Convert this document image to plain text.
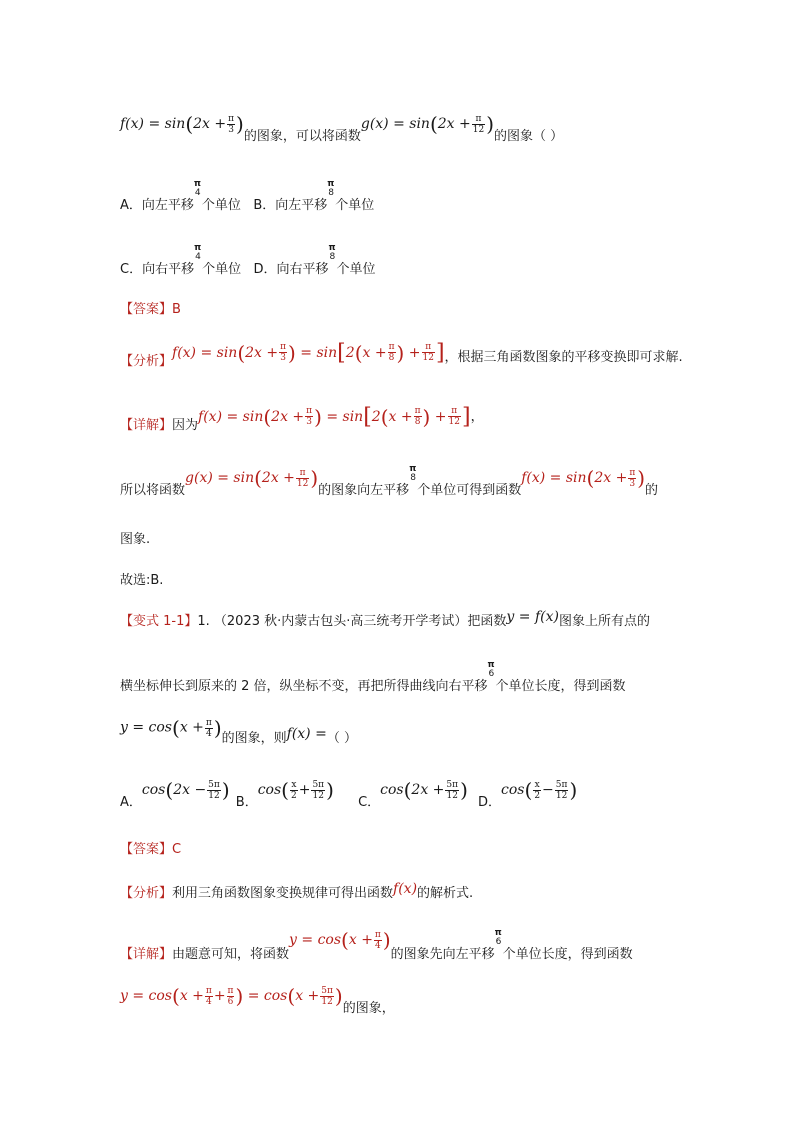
$f(x) = \sin(2x + \frac{\pi}{3}$ )的图象，可以将函数$g(x) = \sin(2x + \frac{\pi}{12}$ )的图象（ ）
A．向左平移
π
4
个单位 B．向左平移
π
8
个单位
C．向右平移
π
4
个单位 D．向右平移
π
8
个单位
【答案】B
【分析】$f(x) = \sin(2x + \frac{\pi}{3}$ ) = $\sin[2(x + \frac{\pi}{8}$ ) + $\frac{\pi}{12}$ ]，根据三角函数图象的平移变换即可求解.
【详解】因为$f(x) = \sin(2x + \frac{\pi}{3}$ ) = $\sin[2(x + \frac{\pi}{8}$ ) + $\frac{\pi}{12}$ ]，
所以将函数$g(x) = \sin(2x + \frac{\pi}{12}$ )的图象向左平移
π
8
个单位可得到函数$f(x) = \sin(2x + \frac{\pi}{3}$ )的
图象.
故选:B.
【变式 1-1】1. （2023 秋·内蒙古包头·高三统考开学考试）把函数y = f(x)图象上所有点的
横坐标伸长到原来的 2 倍，纵坐标不变，再把所得曲线向右平移
π
6
个单位长度，得到函数
$y = \cos(x + \frac{\pi}{4}$ )的图象，则f(x) =（ ）
A．$\cos(2x - \frac{5\pi}{12}$ ) B．$\cos( \frac{x}{2} + \frac{5\pi}{12}$ ) C．$\cos(2x + \frac{5\pi}{12}$ ) D．$\cos( \frac{x}{2} - \frac{5\pi}{12}$ )
【答案】C
【分析】利用三角函数图象变换规律可得出函数f(x)的解析式.
【详解】由题意可知，将函数$y = \cos(x + \frac{\pi}{4}$ )的图象先向左平移
π
6
个单位长度，得到函数
$y = \cos(x + \frac{\pi}{4} + \frac{\pi}{6}$ ) = $\cos(x + \frac{5\pi}{12}$ )的图象，
